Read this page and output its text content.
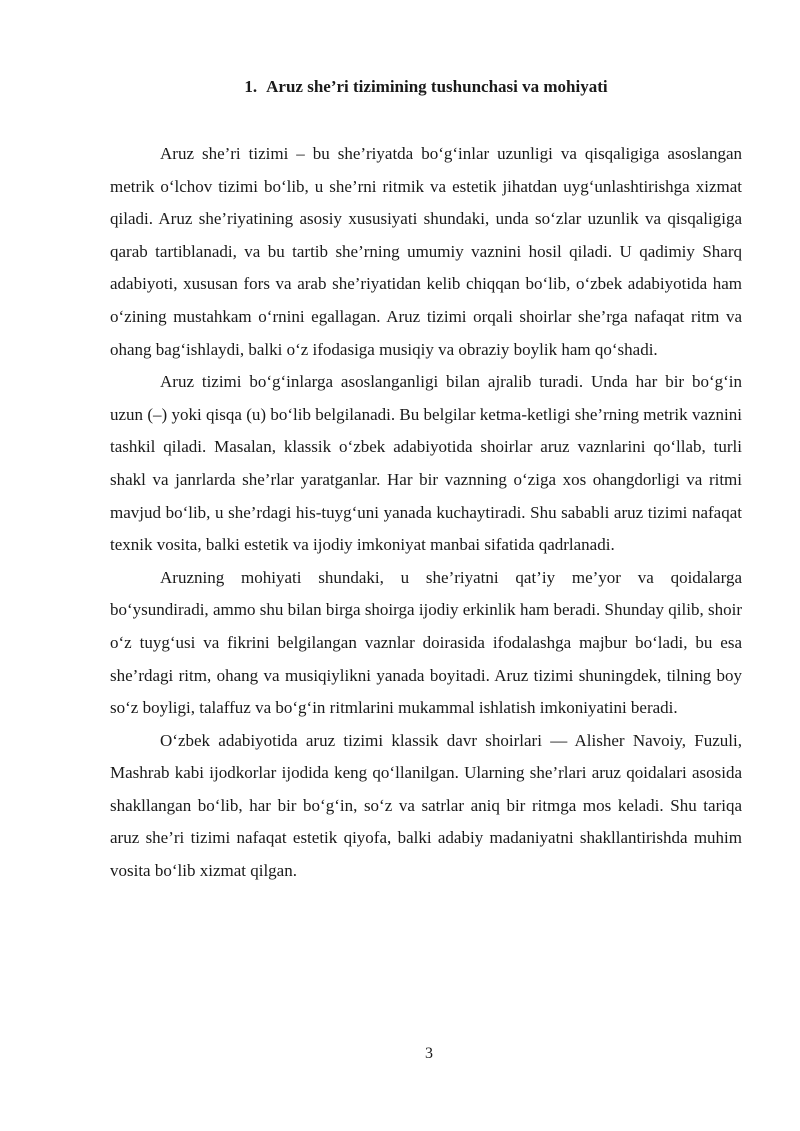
1. Aruz she’ri tizimining tushunchasi va mohiyati

Aruz she’ri tizimi – bu she’riyatda bo‘g‘inlar uzunligi va qisqaligiga asoslangan metrik o‘lchov tizimi bo‘lib, u she’rni ritmik va estetik jihatdan uyg‘unlashtirishga xizmat qiladi. Aruz she’riyatining asosiy xususiyati shundaki, unda so‘zlar uzunlik va qisqaligiga qarab tartiblanadi, va bu tartib she’rning umumiy vaznini hosil qiladi. U qadimiy Sharq adabiyoti, xususan fors va arab she’riyatidan kelib chiqqan bo‘lib, o‘zbek adabiyotida ham o‘zining mustahkam o‘rnini egallagan. Aruz tizimi orqali shoirlar she’rga nafaqat ritm va ohang bag‘ishlaydi, balki o‘z ifodasiga musiqiy va obraziy boylik ham qo‘shadi.

Aruz tizimi bo‘g‘inlarga asoslanganligi bilan ajralib turadi. Unda har bir bo‘g‘in uzun (–) yoki qisqa (u) bo‘lib belgilanadi. Bu belgilar ketma-ketligi she’rning metrik vaznini tashkil qiladi. Masalan, klassik o‘zbek adabiyotida shoirlar aruz vaznlarini qo‘llab, turli shakl va janrlarda she’rlar yaratganlar. Har bir vaznning o‘ziga xos ohangdorligi va ritmi mavjud bo‘lib, u she’rdagi his-tuyg‘uni yanada kuchaytiradi. Shu sababli aruz tizimi nafaqat texnik vosita, balki estetik va ijodiy imkoniyat manbai sifatida qadrlanadi.

Aruzning mohiyati shundaki, u she’riyatni qat’iy me’yor va qoidalarga bo‘ysundiradi, ammo shu bilan birga shoirga ijodiy erkinlik ham beradi. Shunday qilib, shoir o‘z tuyg‘usi va fikrini belgilangan vaznlar doirasida ifodalashga majbur bo‘ladi, bu esa she’rdagi ritm, ohang va musiqiylikni yanada boyitadi. Aruz tizimi shuningdek, tilning boy so‘z boyligi, talaffuz va bo‘g‘in ritmlarini mukammal ishlatish imkoniyatini beradi.

O‘zbek adabiyotida aruz tizimi klassik davr shoirlari — Alisher Navoiy, Fuzuli, Mashrab kabi ijodkorlar ijodida keng qo‘llanilgan. Ularning she’rlari aruz qoidalari asosida shakllangan bo‘lib, har bir bo‘g‘in, so‘z va satrlar aniq bir ritmga mos keladi. Shu tariqa aruz she’ri tizimi nafaqat estetik qiyofa, balki adabiy madaniyatni shakllantirishda muhim vosita bo‘lib xizmat qilgan.

3
